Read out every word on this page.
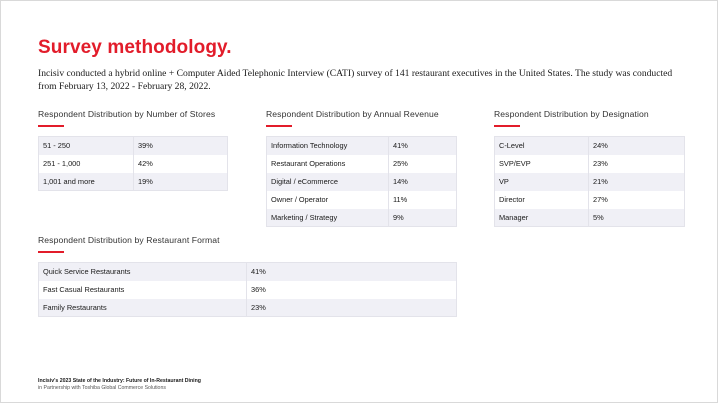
Survey methodology.
Incisiv conducted a hybrid online + Computer Aided Telephonic Interview (CATI) survey of 141 restaurant executives in the United States. The study was conducted from February 13, 2022 - February 28, 2022.
Respondent Distribution by Number of Stores
51 - 250	39%
251 - 1,000	42%
1,001 and more	19%
Respondent Distribution by Annual Revenue
Information Technology	41%
Restaurant Operations	25%
Digital / eCommerce	14%
Owner / Operator	11%
Marketing / Strategy	9%
Respondent Distribution by Designation
C-Level	24%
SVP/EVP	23%
VP	21%
Director	27%
Manager	5%
Respondent Distribution by Restaurant Format
Quick Service Restaurants	41%
Fast Casual Restaurants	36%
Family Restaurants	23%
Incisiv's 2023 State of the Industry: Future of In-Restaurant Dining
in Partnership with Toshiba Global Commerce Solutions
